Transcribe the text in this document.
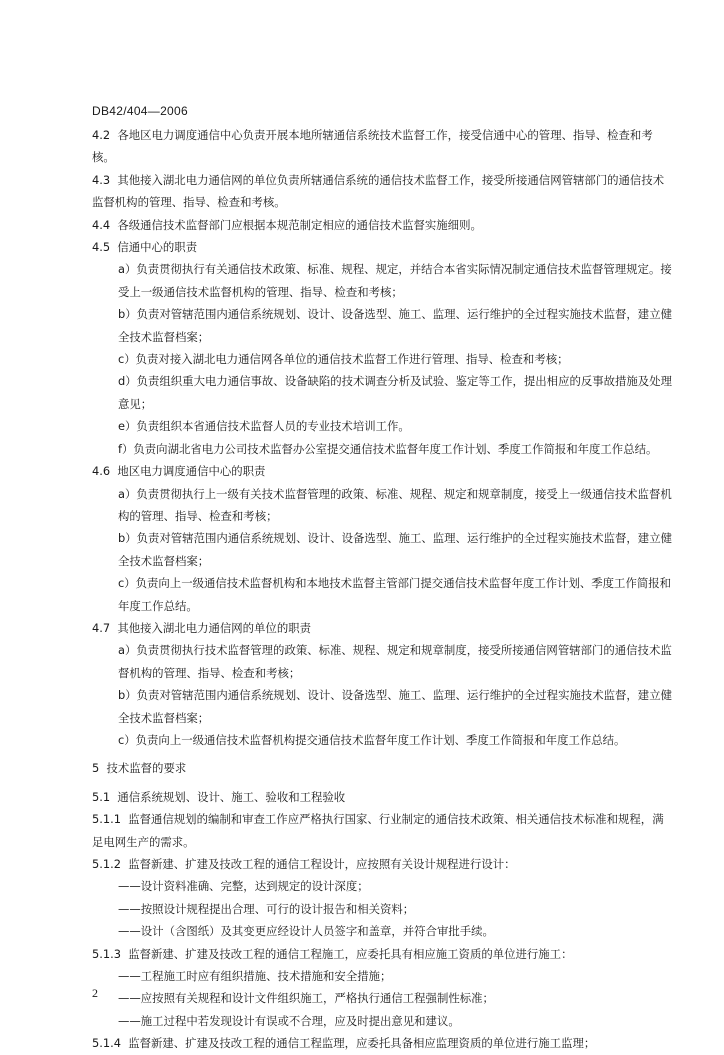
DB42/404—2006
4.2  各地区电力调度通信中心负责开展本地所辖通信系统技术监督工作，接受信通中心的管理、指导、检查和考核。
4.3  其他接入湖北电力通信网的单位负责所辖通信系统的通信技术监督工作，接受所接通信网管辖部门的通信技术监督机构的管理、指导、检查和考核。
4.4  各级通信技术监督部门应根据本规范制定相应的通信技术监督实施细则。
4.5  信通中心的职责
a）负责贯彻执行有关通信技术政策、标准、规程、规定，并结合本省实际情况制定通信技术监督管理规定。接受上一级通信技术监督机构的管理、指导、检查和考核；
b）负责对管辖范围内通信系统规划、设计、设备选型、施工、监理、运行维护的全过程实施技术监督，建立健全技术监督档案；
c）负责对接入湖北电力通信网各单位的通信技术监督工作进行管理、指导、检查和考核；
d）负责组织重大电力通信事故、设备缺陷的技术调查分析及试验、鉴定等工作，提出相应的反事故措施及处理意见；
e）负责组织本省通信技术监督人员的专业技术培训工作。
f）负责向湖北省电力公司技术监督办公室提交通信技术监督年度工作计划、季度工作简报和年度工作总结。
4.6  地区电力调度通信中心的职责
a）负责贯彻执行上一级有关技术监督管理的政策、标准、规程、规定和规章制度，接受上一级通信技术监督机构的管理、指导、检查和考核；
b）负责对管辖范围内通信系统规划、设计、设备选型、施工、监理、运行维护的全过程实施技术监督，建立健全技术监督档案；
c）负责向上一级通信技术监督机构和本地技术监督主管部门提交通信技术监督年度工作计划、季度工作简报和年度工作总结。
4.7  其他接入湖北电力通信网的单位的职责
a）负责贯彻执行技术监督管理的政策、标准、规程、规定和规章制度，接受所接通信网管辖部门的通信技术监督机构的管理、指导、检查和考核；
b）负责对管辖范围内通信系统规划、设计、设备选型、施工、监理、运行维护的全过程实施技术监督，建立健全技术监督档案；
c）负责向上一级通信技术监督机构提交通信技术监督年度工作计划、季度工作简报和年度工作总结。
5  技术监督的要求
5.1  通信系统规划、设计、施工、验收和工程验收
5.1.1  监督通信规划的编制和审查工作应严格执行国家、行业制定的通信技术政策、相关通信技术标准和规程，满足电网生产的需求。
5.1.2  监督新建、扩建及技改工程的通信工程设计，应按照有关设计规程进行设计：
——设计资料准确、完整，达到规定的设计深度；
——按照设计规程提出合理、可行的设计报告和相关资料；
——设计（含图纸）及其变更应经设计人员签字和盖章，并符合审批手续。
5.1.3  监督新建、扩建及技改工程的通信工程施工，应委托具有相应施工资质的单位进行施工：
——工程施工时应有组织措施、技术措施和安全措施；
——应按照有关规程和设计文件组织施工，严格执行通信工程强制性标准；
——施工过程中若发现设计有误或不合理，应及时提出意见和建议。
5.1.4  监督新建、扩建及技改工程的通信工程监理，应委托具备相应监理资质的单位进行施工监理；
2
